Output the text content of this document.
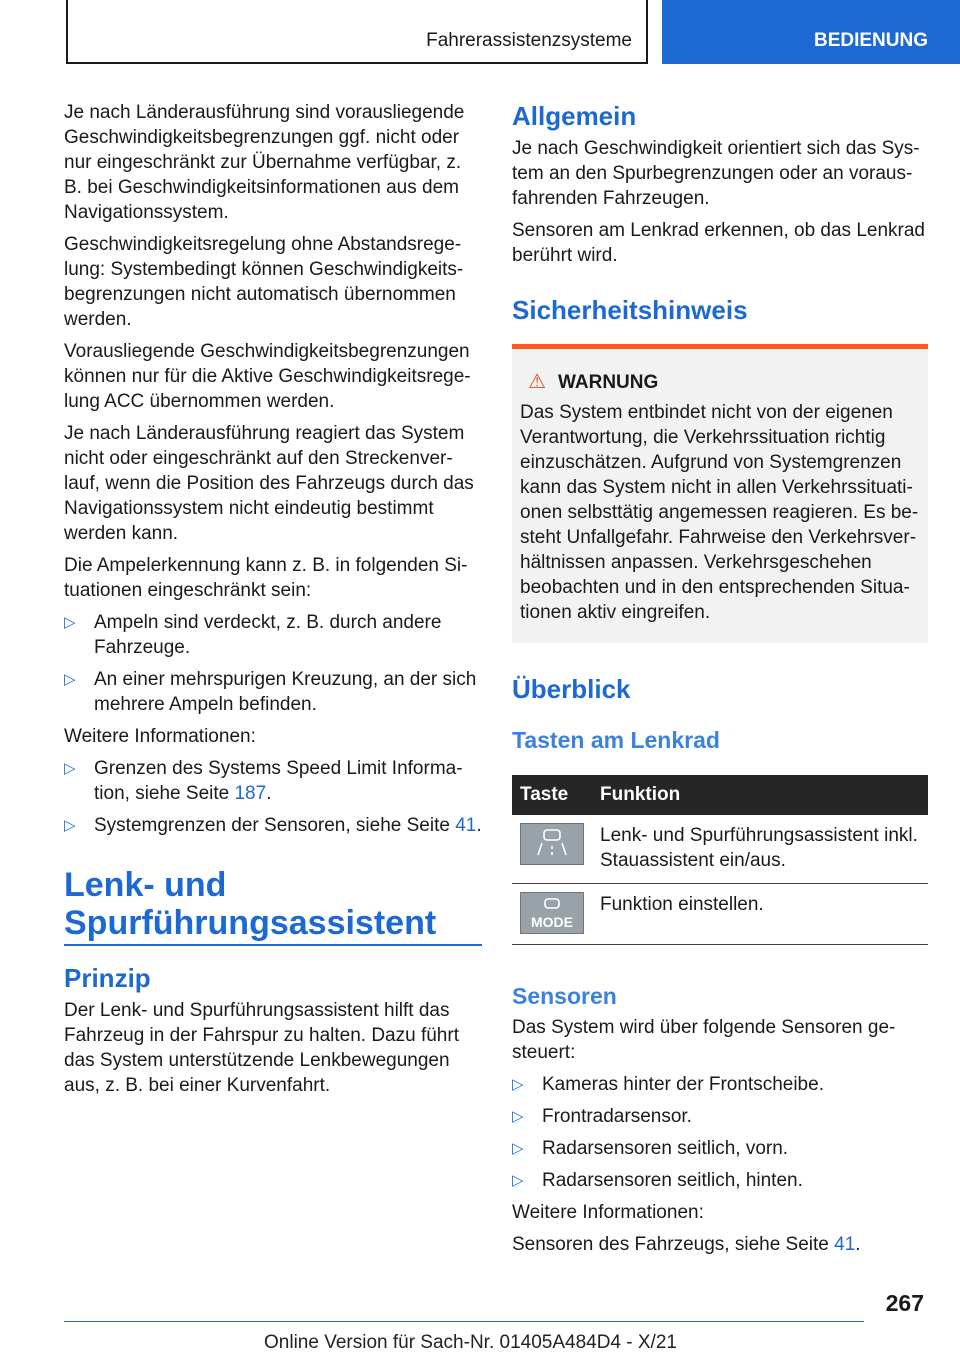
Fahrerassistenzsysteme	BEDIENUNG

Je nach Länderausführung sind vorausliegende Geschwindigkeitsbegrenzungen ggf. nicht oder nur eingeschränkt zur Übernahme verfügbar, z. B. bei Geschwindigkeitsinformationen aus dem Navigationssystem.

Geschwindigkeitsregelung ohne Abstandsrege- lung: Systembedingt können Geschwindigkeits- begrenzungen nicht automatisch übernommen werden.

Vorausliegende Geschwindigkeitsbegrenzungen können nur für die Aktive Geschwindigkeitsrege- lung ACC übernommen werden.

Je nach Länderausführung reagiert das System nicht oder eingeschränkt auf den Streckenver- lauf, wenn die Position des Fahrzeugs durch das Navigationssystem nicht eindeutig bestimmt werden kann.

Die Ampelerkennung kann z. B. in folgenden Si- tuationen eingeschränkt sein:

▷ Ampeln sind verdeckt, z. B. durch andere Fahrzeuge.
▷ An einer mehrspurigen Kreuzung, an der sich mehrere Ampeln befinden.

Weitere Informationen:

▷ Grenzen des Systems Speed Limit Informa- tion, siehe Seite 187.
▷ Systemgrenzen der Sensoren, siehe Seite 41.
Lenk- und Spurführungsassistent
Prinzip

Der Lenk- und Spurführungsassistent hilft das Fahrzeug in der Fahrspur zu halten. Dazu führt das System unterstützende Lenkbewegungen aus, z. B. bei einer Kurvenfahrt.

Allgemein

Je nach Geschwindigkeit orientiert sich das Sys- tem an den Spurbegrenzungen oder an voraus- fahrenden Fahrzeugen.

Sensoren am Lenkrad erkennen, ob das Lenkrad berührt wird.

Sicherheitshinweis
⚠ WARNUNG

Das System entbindet nicht von der eigenen Verantwortung, die Verkehrssituation richtig einzuschätzen. Aufgrund von Systemgrenzen kann das System nicht in allen Verkehrssituati- onen selbsttätig angemessen reagieren. Es be- steht Unfallgefahr. Fahrweise den Verkehrsver- hältnissen anpassen. Verkehrsgeschehen beobachten und in den entsprechenden Situa- tionen aktiv eingreifen.

Überblick
Tasten am Lenkrad
Taste	Funktion

	Lenk- und Spurführungsassistent inkl. Stauassistent ein/aus.

MODE	Funktion einstellen.
Sensoren

Das System wird über folgende Sensoren ge- steuert:

▷ Kameras hinter der Frontscheibe.
▷ Frontradarsensor.
▷ Radarsensoren seitlich, vorn.
▷ Radarsensoren seitlich, hinten.

Weitere Informationen:

Sensoren des Fahrzeugs, siehe Seite 41.

267
Online Version für Sach-Nr. 01405A484D4 - X/21
